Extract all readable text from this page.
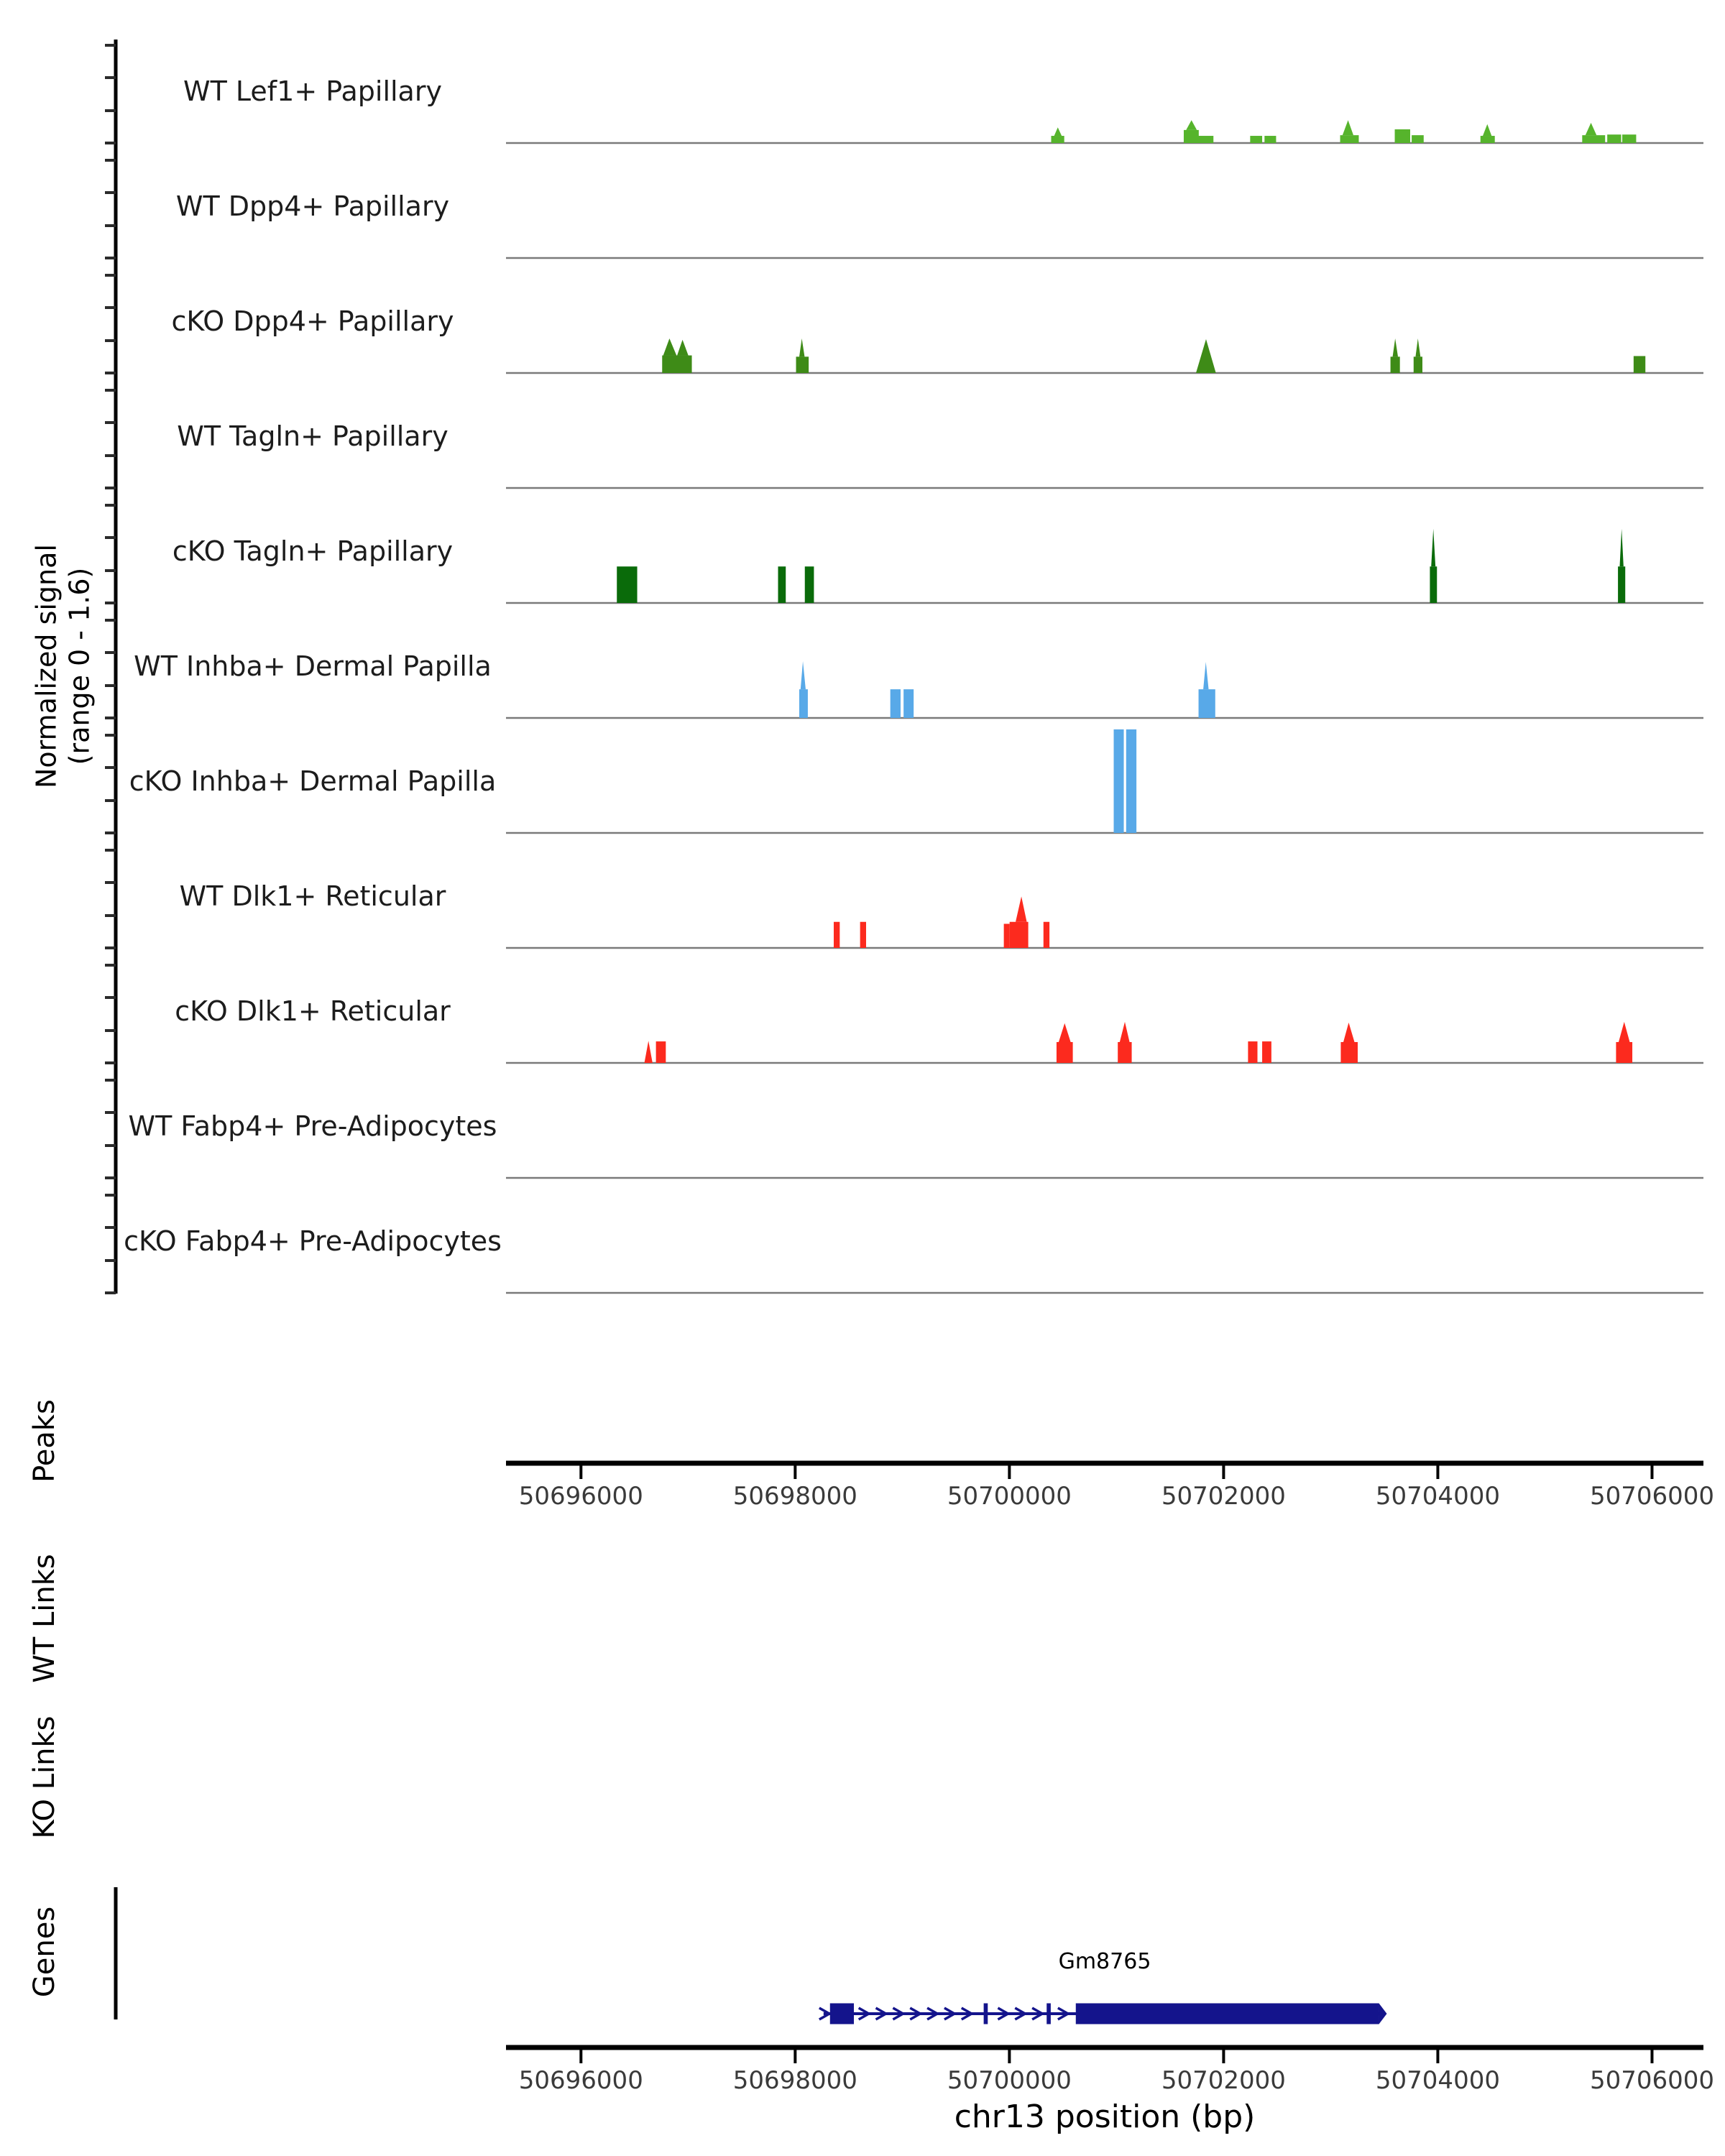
Normalized signal (range 0 - 1.6)
Peaks
WT Links
KO Links
Genes	Gm8765
chr13 position (bp)
WT Lef1+ Papillary
WT Dpp4+ Papillary
cKO Dpp4+ Papillary
WT Tagln+ Papillary
cKO Tagln+ Papillary
WT Inhba+ Dermal Papilla
cKO Inhba+ Dermal Papilla
WT Dlk1+ Reticular
cKO Dlk1+ Reticular
WT Fabp4+ Pre-Adipocytes
cKO Fabp4+ Pre-Adipocytes
50696000	50698000	50700000	50702000	50704000	50706000
50696000	50698000	50700000	50702000	50704000	50706000
